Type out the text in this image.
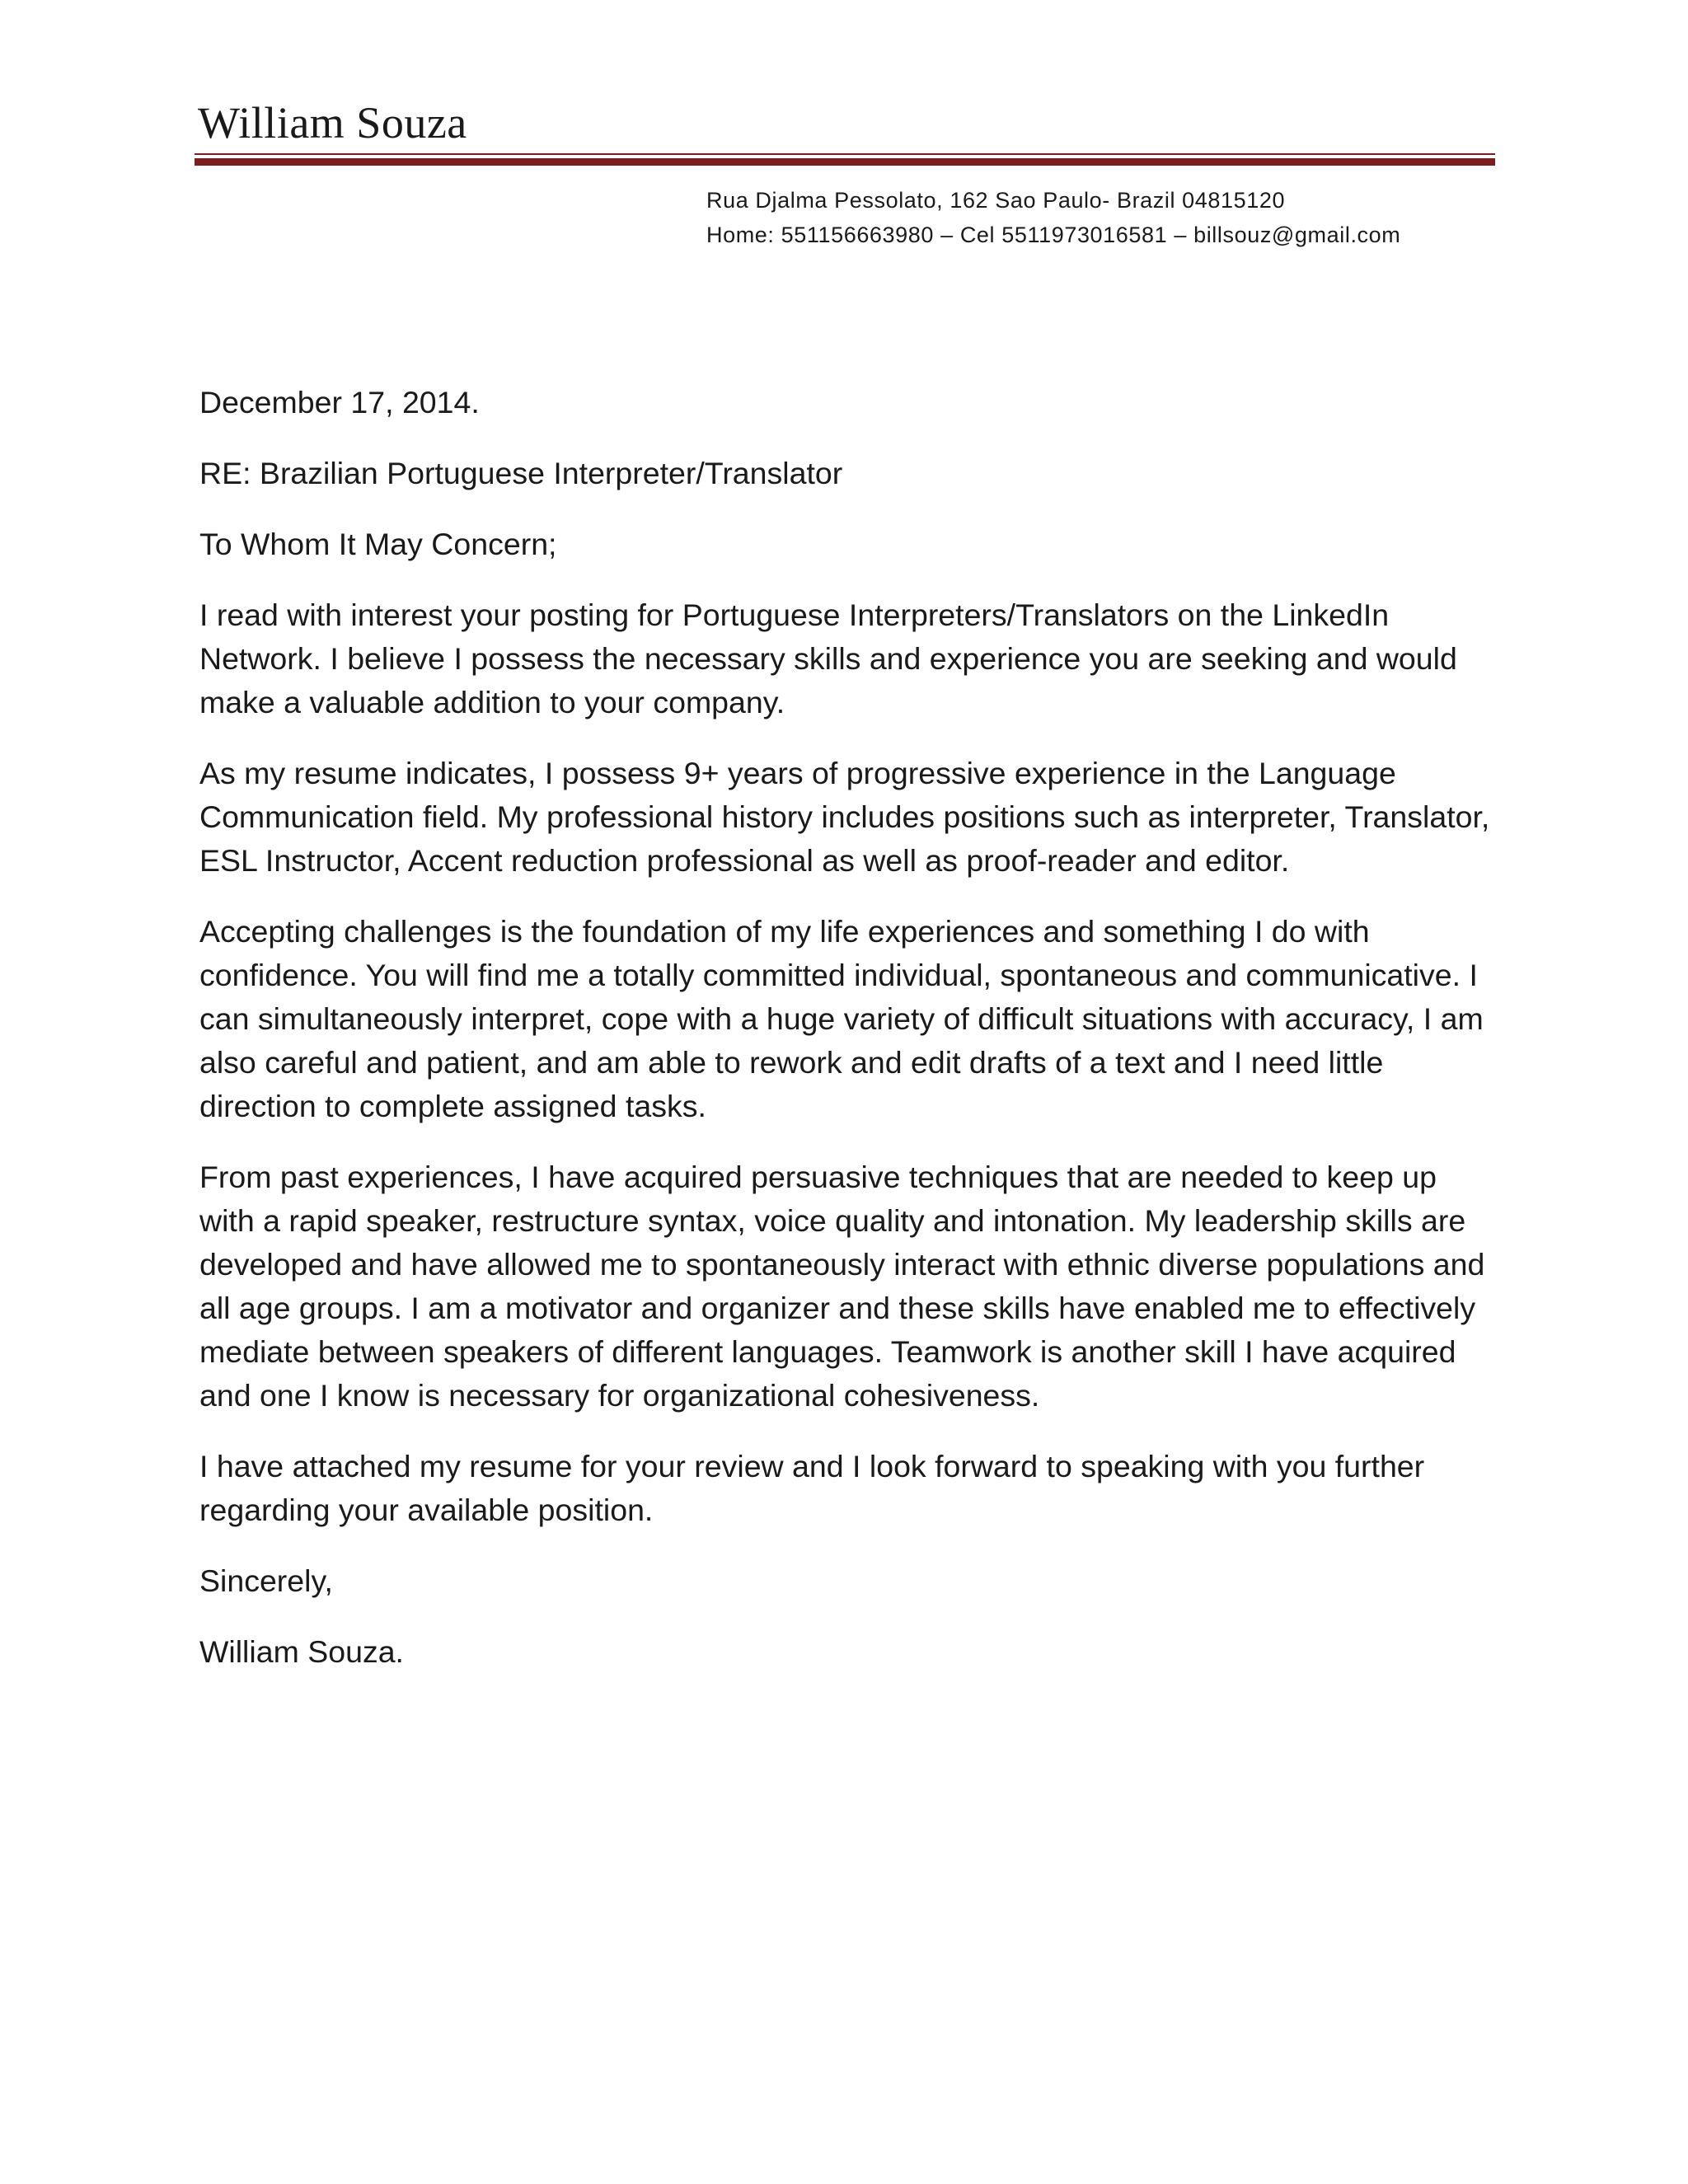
William Souza
Rua Djalma Pessolato, 162 Sao Paulo- Brazil 04815120
Home: 551156663980 – Cel 5511973016581 – billsouz@gmail.com

December 17, 2014.

RE: Brazilian Portuguese Interpreter/Translator

To Whom It May Concern;

I read with interest your posting for Portuguese Interpreters/Translators on the LinkedIn Network. I believe I possess the necessary skills and experience you are seeking and would make a valuable addition to your company.

As my resume indicates, I possess 9+ years of progressive experience in the Language Communication field. My professional history includes positions such as interpreter, Translator, ESL Instructor, Accent reduction professional as well as proof-reader and editor.

Accepting challenges is the foundation of my life experiences and something I do with confidence. You will find me a totally committed individual, spontaneous and communicative. I can simultaneously interpret, cope with a huge variety of difficult situations with accuracy, I am also careful and patient, and am able to rework and edit drafts of a text and I need little direction to complete assigned tasks.

From past experiences, I have acquired persuasive techniques that are needed to keep up with a rapid speaker, restructure syntax, voice quality and intonation. My leadership skills are developed and have allowed me to spontaneously interact with ethnic diverse populations and all age groups. I am a motivator and organizer and these skills have enabled me to effectively mediate between speakers of different languages. Teamwork is another skill I have acquired and one I know is necessary for organizational cohesiveness.

I have attached my resume for your review and I look forward to speaking with you further regarding your available position.

Sincerely,

William Souza.
